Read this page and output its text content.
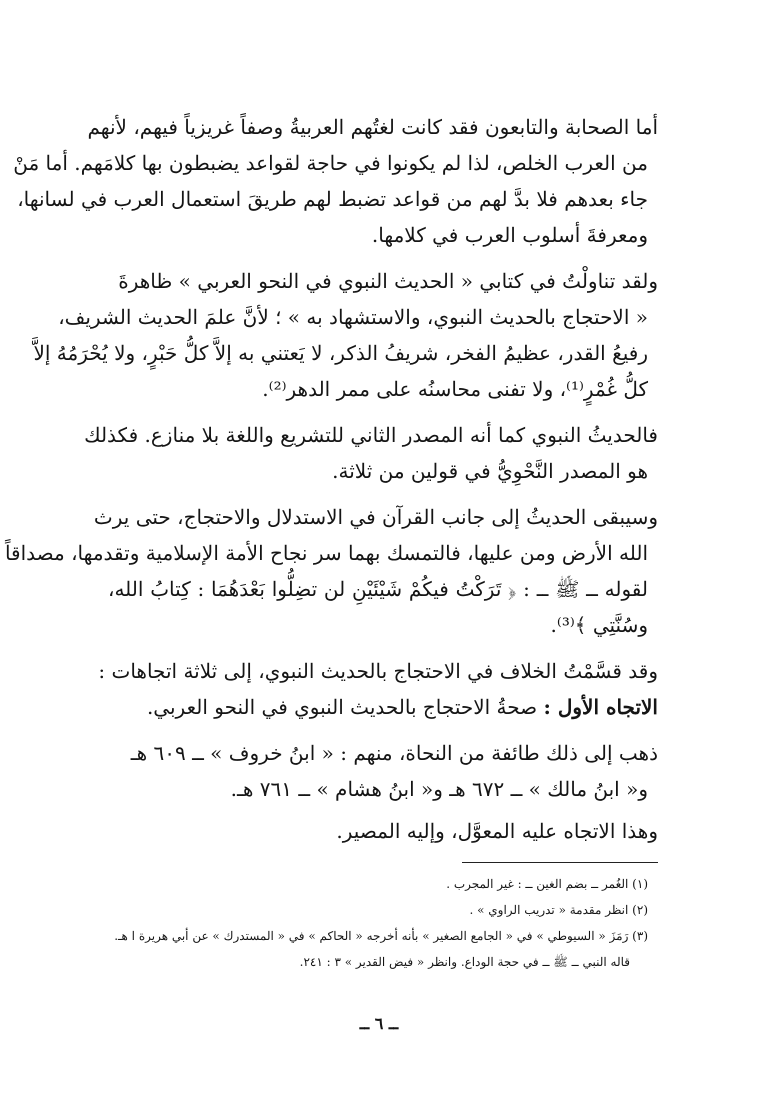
أما الصحابة والتابعون فقد كانت لغتُهم العربيةُ وصفاً غريزياً فيهم، لأنهم
من العرب الخلص، لذا لم يكونوا في حاجة لقواعد يضبطون بها كلامَهم. أما مَنْ
جاء بعدهم فلا بدَّ لهم من قواعد تضبط لهم طريقَ استعمال العرب في لسانها،
ومعرفةَ أسلوب العرب في كلامها.
ولقد تناولْتُ في كتابي « الحديث النبوي في النحو العربي » ظاهرةَ
« الاحتجاج بالحديث النبوي، والاستشهاد به » ؛ لأنَّ علمَ الحديث الشريف،
رفيعُ القدر، عظيمُ الفخر، شريفُ الذكر، لا يَعتني به إلاَّ كلُّ حَبْرٍ، ولا يُحْرَمُهُ إلاَّ
كلُّ غُمْرٍ⁽¹⁾، ولا تفنى محاسنُه على ممر الدهر⁽²⁾.
فالحديثُ النبوي كما أنه المصدر الثاني للتشريع واللغة بلا منازع. فكذلك
هو المصدر النَّحْوِيُّ في قولين من ثلاثة.
وسيبقى الحديثُ إلى جانب القرآن في الاستدلال والاحتجاج، حتى يرث
الله الأرض ومن عليها، فالتمسك بهما سر نجاح الأمة الإسلامية وتقدمها، مصداقاً
لقوله ــ ﷺ ــ : ﴿ تَرَكْتُ فيكُمْ شَيْئَيْنِ لن تضِلُّوا بَعْدَهُمَا : كِتابُ الله،
وسُنَّتِي ﴾⁽³⁾.
وقد قسَّمْتُ الخلاف في الاحتجاج بالحديث النبوي، إلى ثلاثة اتجاهات :
الاتجاه الأول : صحةُ الاحتجاج بالحديث النبوي في النحو العربي.
ذهب إلى ذلك طائفة من النحاة، منهم : « ابنُ خروف » ــ ٦٠٩ هـ
و« ابنُ مالك » ــ ٦٧٢ هـ و« ابنُ هشام » ــ ٧٦١ هـ.
وهذا الاتجاه عليه المعوَّل، وإليه المصير.
(١) الغُمر ــ بضم الغين ــ : غير المجرب .
(٢) انظر مقدمة « تدريب الراوي » .
(٣) رَمَزَ « السيوطي » في « الجامع الصغير » بأنه أخرجه « الحاكم » في « المستدرك » عن أبي هريرة ا هـ.
قاله النبي ــ ﷺ ــ في حجة الوداع. وانظر « فيض القدير » ٣ : ٢٤١.
ــ ٦ ــ
